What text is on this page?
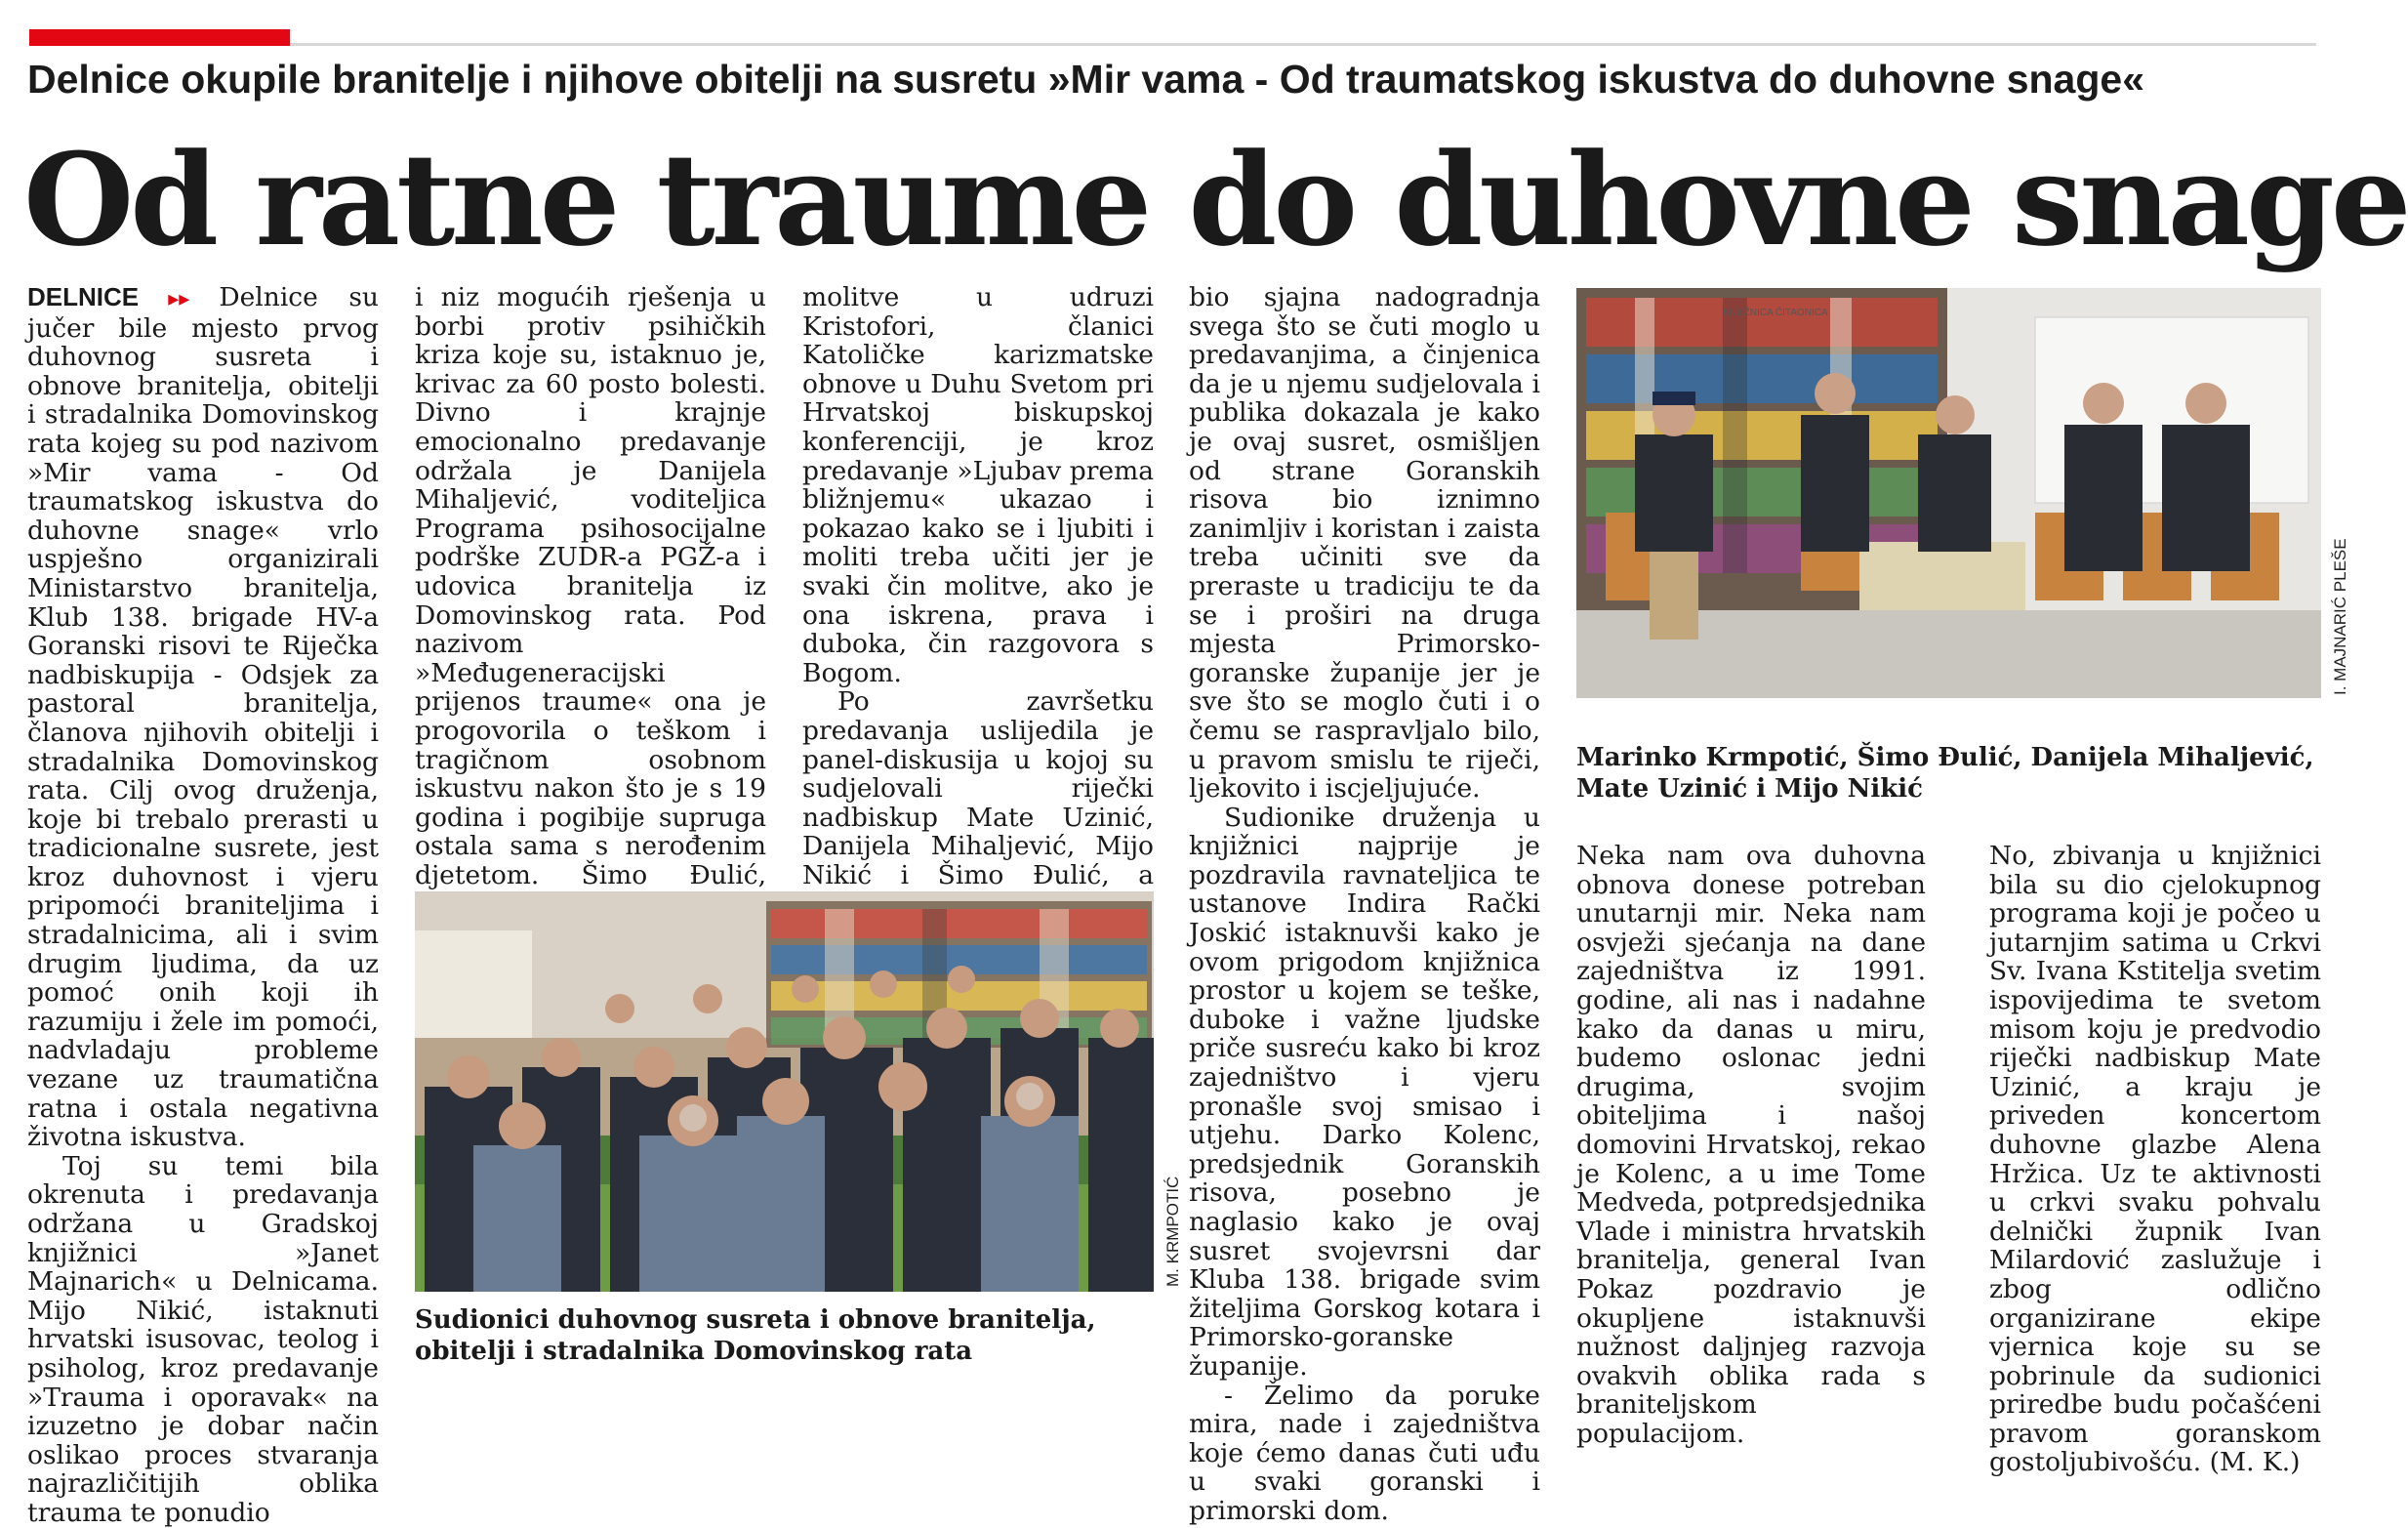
Delnice okupile branitelje i njihove obitelji na susretu »Mir vama - Od traumatskog iskustva do duhovne snage«
Od ratne traume do duhovne snage

DELNICE ▸▸ Delnice su jučer bile mjesto prvog duhovnog susreta i obnove branitelja, obitelji i stradalnika Domovinskog rata kojeg su pod nazivom »Mir vama - Od traumatskog iskustva do duhovne snage« vrlo uspješno organizirali Ministarstvo branitelja, Klub 138. brigade HV-a Goranski risovi te Riječka nadbiskupija - Odsjek za pastoral branitelja, članova njihovih obitelji i stradalnika Domovinskog rata. Cilj ovog druženja, koje bi trebalo prerasti u tradicionalne susrete, jest kroz duhovnost i vjeru pripomoći braniteljima i stradalnicima, ali i svim drugim ljudima, da uz pomoć onih koji ih razumiju i žele im pomoći, nadvladaju probleme vezane uz traumatična ratna i ostala negativna životna iskustva.

Toj su temi bila okrenuta i predavanja održana u Gradskoj knjižnici »Janet Majnarich« u Delnicama. Mijo Nikić, istaknuti hrvatski isusovac, teolog i psiholog, kroz predavanje »Trauma i oporavak« na izuzetno je dobar način oslikao proces stvaranja najrazličitijih oblika trauma te ponudio

i niz mogućih rješenja u borbi protiv psihičkih kriza koje su, istaknuo je, krivac za 60 posto bolesti. Divno i krajnje emocionalno predavanje održala je Danijela Mihaljević, voditeljica Programa psihosocijalne podrške ZUDR-a PGŽ-a i udovica branitelja iz Domovinskog rata. Pod nazivom »Međugeneracijski prijenos traume« ona je progovorila o teškom i tragičnom osobnom iskustvu nakon što je s 19 godina i pogibije supruga ostala sama s nerođenim djetetom. Šimo Đulić,

molitve u udruzi Kristofori, članici Katoličke karizmatske obnove u Duhu Svetom pri Hrvatskoj biskupskoj konferenciji, je kroz predavanje »Ljubav prema bližnjemu« ukazao i pokazao kako se i ljubiti i moliti treba učiti jer je svaki čin molitve, ako je ona iskrena, prava i duboka, čin razgovora s Bogom.

Po završetku predavanja uslijedila je panel-diskusija u kojoj su sudjelovali riječki nadbiskup Mate Uzinić, Danijela Mihaljević, Mijo Nikić i Šimo Đulić, a

bio sjajna nadogradnja svega što se čuti moglo u predavanjima, a činjenica da je u njemu sudjelovala i publika dokazala je kako je ovaj susret, osmišljen od strane Goranskih risova bio iznimno zanimljiv i koristan i zaista treba učiniti sve da preraste u tradiciju te da se i proširi na druga mjesta Primorsko-goranske županije jer je sve što se moglo čuti i o čemu se raspravljalo bilo, u pravom smislu te riječi, ljekovito i iscjeljujuće.

Sudionike druženja u knjižnici najprije je pozdravila ravnateljica te ustanove Indira Rački Joskić istaknuvši kako je ovom prigodom knjižnica prostor u kojem se teške, duboke i važne ljudske priče susreću kako bi kroz zajedništvo i vjeru pronašle svoj smisao i utjehu. Darko Kolenc, predsjednik Goranskih risova, posebno je naglasio kako je ovaj susret svojevrsni dar Kluba 138. brigade svim žiteljima Gorskog kotara i Primorsko-goranske županije.

- Želimo da poruke mira, nade i zajedništva koje ćemo danas čuti uđu u svaki goranski i primorski dom.

Neka nam ova duhovna obnova donese potreban unutarnji mir. Neka nam osvježi sjećanja na dane zajedništva iz 1991. godine, ali nas i nadahne kako da danas u miru, budemo oslonac jedni drugima, svojim obiteljima i našoj domovini Hrvatskoj, rekao je Kolenc, a u ime Tome Medveda, potpredsjednika Vlade i ministra hrvatskih branitelja, general Ivan Pokaz pozdravio je okupljene istaknuvši nužnost daljnjeg razvoja ovakvih oblika rada s braniteljskom populacijom.

No, zbivanja u knjižnici bila su dio cjelokupnog programa koji je počeo u jutarnjim satima u Crkvi Sv. Ivana Kstitelja svetim ispovijedima te svetom misom koju je predvodio riječki nadbiskup Mate Uzinić, a kraju je priveden koncertom duhovne glazbe Alena Hržica. Uz te aktivnosti u crkvi svaku pohvalu delnički župnik Ivan Milardović zaslužuje i zbog odlično organizirane ekipe vjernica koje su se pobrinule da sudionici priredbe budu počašćeni pravom goranskom gostoljubivošću. (M. K.)

M. KRMPOTIĆ
Sudionici duhovnog susreta i obnove branitelja, obitelji i stradalnika Domovinskog rata
KNJIŽNICA ČITAONICA
I. MAJNARIĆ PLEŠE
Marinko Krmpotić, Šimo Đulić, Danijela Mihaljević, Mate Uzinić i Mijo Nikić
